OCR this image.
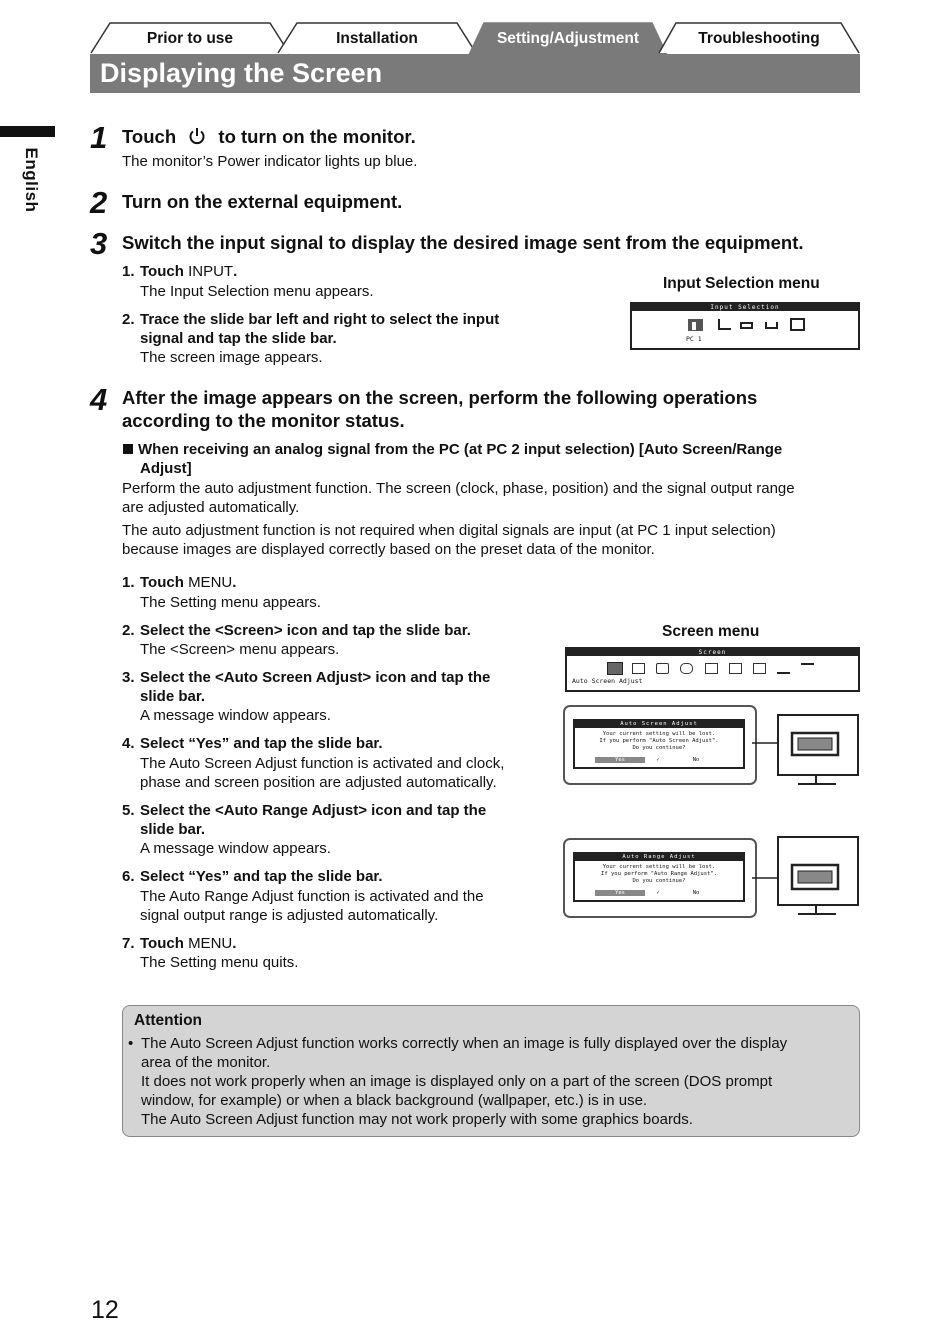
Prior to use	Installation	Setting/Adjustment	Troubleshooting
Displaying the Screen
English
1 Touch to turn on the monitor.
The monitor’s Power indicator lights up blue.
2 Turn on the external equipment.
3 Switch the input signal to display the desired image sent from the equipment.
1. Touch INPUT.
The Input Selection menu appears.
2. Trace the slide bar left and right to select the input
signal and tap the slide bar.
The screen image appears.
Input Selection menu
Input Selection
PC 1
4 After the image appears on the screen, perform the following operations
according to the monitor status.
When receiving an analog signal from the PC (at PC 2 input selection) [Auto Screen/Range
Adjust]
Perform the auto adjustment function. The screen (clock, phase, position) and the signal output range
are adjusted automatically.
The auto adjustment function is not required when digital signals are input (at PC 1 input selection)
because images are displayed correctly based on the preset data of the monitor.
1. Touch MENU.
The Setting menu appears.
2. Select the <Screen> icon and tap the slide bar.
The <Screen> menu appears.
3. Select the <Auto Screen Adjust> icon and tap the
slide bar.
A message window appears.
4. Select “Yes” and tap the slide bar.
The Auto Screen Adjust function is activated and clock,
phase and screen position are adjusted automatically.
5. Select the <Auto Range Adjust> icon and tap the
slide bar.
A message window appears.
6. Select “Yes” and tap the slide bar.
The Auto Range Adjust function is activated and the
signal output range is adjusted automatically.
7. Touch MENU.
The Setting menu quits.
Screen menu
Screen
Auto Screen Adjust
Auto Screen Adjust
Your current setting will be lost.
If you perform "Auto Screen Adjust".
Do you continue?
Yes	✓	No
Auto Range Adjust
Your current setting will be lost.
If you perform "Auto Range Adjust".
Do you continue?
Yes	✓	No
Attention
• The Auto Screen Adjust function works correctly when an image is fully displayed over the display
area of the monitor.
It does not work properly when an image is displayed only on a part of the screen (DOS prompt
window, for example) or when a black background (wallpaper, etc.) is in use.
The Auto Screen Adjust function may not work properly with some graphics boards.
12
